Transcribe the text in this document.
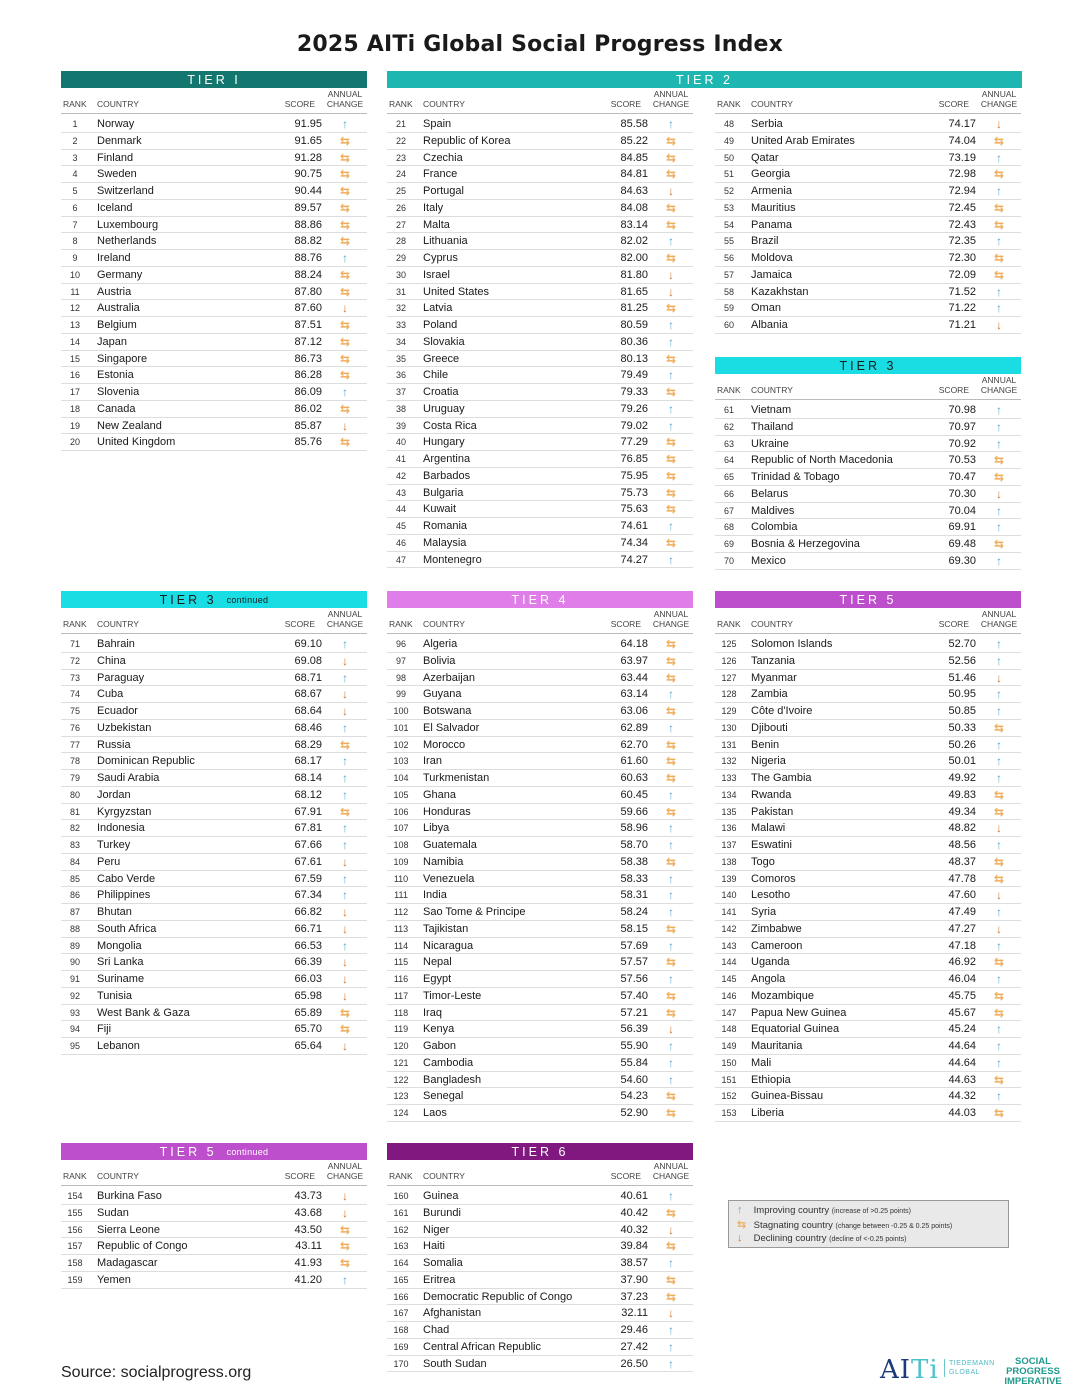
2025 AITi Global Social Progress Index
TIER I
RANK COUNTRY	SCORE
ANNUAL CHANGE
1	Norway	91.95 ↑
2	Denmark	91.65 ⇆
3	Finland	91.28 ⇆
4	Sweden	90.75 ⇆
5	Switzerland	90.44 ⇆
6	Iceland	89.57 ⇆
7	Luxembourg	88.86 ⇆
8	Netherlands	88.82 ⇆
9	Ireland	88.76 ↑
10	Germany	88.24 ⇆
11	Austria	87.80 ⇆
12	Australia	87.60 ↓
13	Belgium	87.51 ⇆
14	Japan	87.12 ⇆
15	Singapore	86.73 ⇆
16	Estonia	86.28 ⇆
17	Slovenia	86.09 ↑
18	Canada	86.02 ⇆
19	New Zealand	85.87 ↓
20	United Kingdom	85.76 ⇆
TIER 2
RANK COUNTRY	SCORE
ANNUAL CHANGE
21	Spain	85.58 ↑
22	Republic of Korea	85.22 ⇆
23	Czechia	84.85 ⇆
24	France	84.81 ⇆
25	Portugal	84.63 ↓
26	Italy	84.08 ⇆
27	Malta	83.14 ⇆
28	Lithuania	82.02 ↑
29	Cyprus	82.00 ⇆
30	Israel	81.80 ↓
31	United States	81.65 ↓
32	Latvia	81.25 ⇆
33	Poland	80.59 ↑
34	Slovakia	80.36 ↑
35	Greece	80.13 ⇆
36	Chile	79.49 ↑
37	Croatia	79.33 ⇆
38	Uruguay	79.26 ↑
39	Costa Rica	79.02 ↑
40	Hungary	77.29 ⇆
41	Argentina	76.85 ⇆
42	Barbados	75.95 ⇆
43	Bulgaria	75.73 ⇆
44	Kuwait	75.63 ⇆
45	Romania	74.61 ↑
46	Malaysia	74.34 ⇆
47	Montenegro	74.27 ↑
RANK COUNTRY	SCORE
ANNUAL CHANGE
48	Serbia	74.17 ↓
49	United Arab Emirates	74.04 ⇆
50	Qatar	73.19 ↑
51	Georgia	72.98 ⇆
52	Armenia	72.94 ↑
53	Mauritius	72.45 ⇆
54	Panama	72.43 ⇆
55	Brazil	72.35 ↑
56	Moldova	72.30 ⇆
57	Jamaica	72.09 ⇆
58	Kazakhstan	71.52 ↑
59	Oman	71.22 ↑
60	Albania	71.21 ↓
TIER 3
RANK COUNTRY	SCORE
ANNUAL CHANGE
61	Vietnam	70.98 ↑
62	Thailand	70.97 ↑
63	Ukraine	70.92 ↑
64	Republic of North Macedonia	70.53 ⇆
65	Trinidad & Tobago	70.47 ⇆
66	Belarus	70.30 ↓
67	Maldives	70.04 ↑
68	Colombia	69.91 ↑
69	Bosnia & Herzegovina	69.48 ⇆
70	Mexico	69.30 ↑
TIER 3 continued
RANK COUNTRY	SCORE
ANNUAL CHANGE
71	Bahrain	69.10 ↑
72	China	69.08 ↓
73	Paraguay	68.71 ↑
74	Cuba	68.67 ↓
75	Ecuador	68.64 ↓
76	Uzbekistan	68.46 ↑
77	Russia	68.29 ⇆
78	Dominican Republic	68.17 ↑
79	Saudi Arabia	68.14 ↑
80	Jordan	68.12 ↑
81	Kyrgyzstan	67.91 ⇆
82	Indonesia	67.81 ↑
83	Turkey	67.66 ↑
84	Peru	67.61 ↓
85	Cabo Verde	67.59 ↑
86	Philippines	67.34 ↑
87	Bhutan	66.82 ↓
88	South Africa	66.71 ↓
89	Mongolia	66.53 ↑
90	Sri Lanka	66.39 ↓
91	Suriname	66.03 ↓
92	Tunisia	65.98 ↓
93	West Bank & Gaza	65.89 ⇆
94	Fiji	65.70 ⇆
95	Lebanon	65.64 ↓
TIER 4
RANK COUNTRY	SCORE
ANNUAL CHANGE
96	Algeria	64.18 ⇆
97	Bolivia	63.97 ⇆
98	Azerbaijan	63.44 ⇆
99	Guyana	63.14 ↑
100	Botswana	63.06 ⇆
101	El Salvador	62.89 ↑
102	Morocco	62.70 ⇆
103	Iran	61.60 ⇆
104	Turkmenistan	60.63 ⇆
105	Ghana	60.45 ↑
106	Honduras	59.66 ⇆
107	Libya	58.96 ↑
108	Guatemala	58.70 ↑
109	Namibia	58.38 ⇆
110	Venezuela	58.33 ↑
111	India	58.31 ↑
112	Sao Tome & Principe	58.24 ↑
113	Tajikistan	58.15 ⇆
114	Nicaragua	57.69 ↑
115	Nepal	57.57 ⇆
116	Egypt	57.56 ↑
117	Timor-Leste	57.40 ⇆
118	Iraq	57.21 ⇆
119	Kenya	56.39 ↓
120	Gabon	55.90 ↑
121	Cambodia	55.84 ↑
122	Bangladesh	54.60 ↑
123	Senegal	54.23 ⇆
124	Laos	52.90 ⇆
TIER 5
RANK COUNTRY	SCORE
ANNUAL CHANGE
125	Solomon Islands	52.70 ↑
126	Tanzania	52.56 ↑
127	Myanmar	51.46 ↓
128	Zambia	50.95 ↑
129	Côte d'Ivoire	50.85 ↑
130	Djibouti	50.33 ⇆
131	Benin	50.26 ↑
132	Nigeria	50.01 ↑
133	The Gambia	49.92 ↑
134	Rwanda	49.83 ⇆
135	Pakistan	49.34 ⇆
136	Malawi	48.82 ↓
137	Eswatini	48.56 ↑
138	Togo	48.37 ⇆
139	Comoros	47.78 ⇆
140	Lesotho	47.60 ↓
141	Syria	47.49 ↑
142	Zimbabwe	47.27 ↓
143	Cameroon	47.18 ↑
144	Uganda	46.92 ⇆
145	Angola	46.04 ↑
146	Mozambique	45.75 ⇆
147	Papua New Guinea	45.67 ⇆
148	Equatorial Guinea	45.24 ↑
149	Mauritania	44.64 ↑
150	Mali	44.64 ↑
151	Ethiopia	44.63 ⇆
152	Guinea-Bissau	44.32 ↑
153	Liberia	44.03 ⇆
TIER 5 continued
RANK COUNTRY	SCORE
ANNUAL CHANGE
154	Burkina Faso	43.73 ↓
155	Sudan	43.68 ↓
156	Sierra Leone	43.50 ⇆
157	Republic of Congo	43.11 ⇆
158	Madagascar	41.93 ⇆
159	Yemen	41.20 ↑
TIER 6
RANK COUNTRY	SCORE
ANNUAL CHANGE
160	Guinea	40.61 ↑
161	Burundi	40.42 ⇆
162	Niger	40.32 ↓
163	Haiti	39.84 ⇆
164	Somalia	38.57 ↑
165	Eritrea	37.90 ⇆
166	Democratic Republic of Congo	37.23 ⇆
167	Afghanistan	32.11 ↓
168	Chad	29.46 ↑
169	Central African Republic	27.42 ↑
170	South Sudan	26.50 ↑
↑ Improving country (increase of >0.25 points)
⇆ Stagnating country (change between -0.25 & 0.25 points)
↓ Declining country (decline of <-0.25 points)
Source: socialprogress.org	AITi	TIEDEMANN GLOBAL
SOCIAL PROGRESS IMPERATIVE
